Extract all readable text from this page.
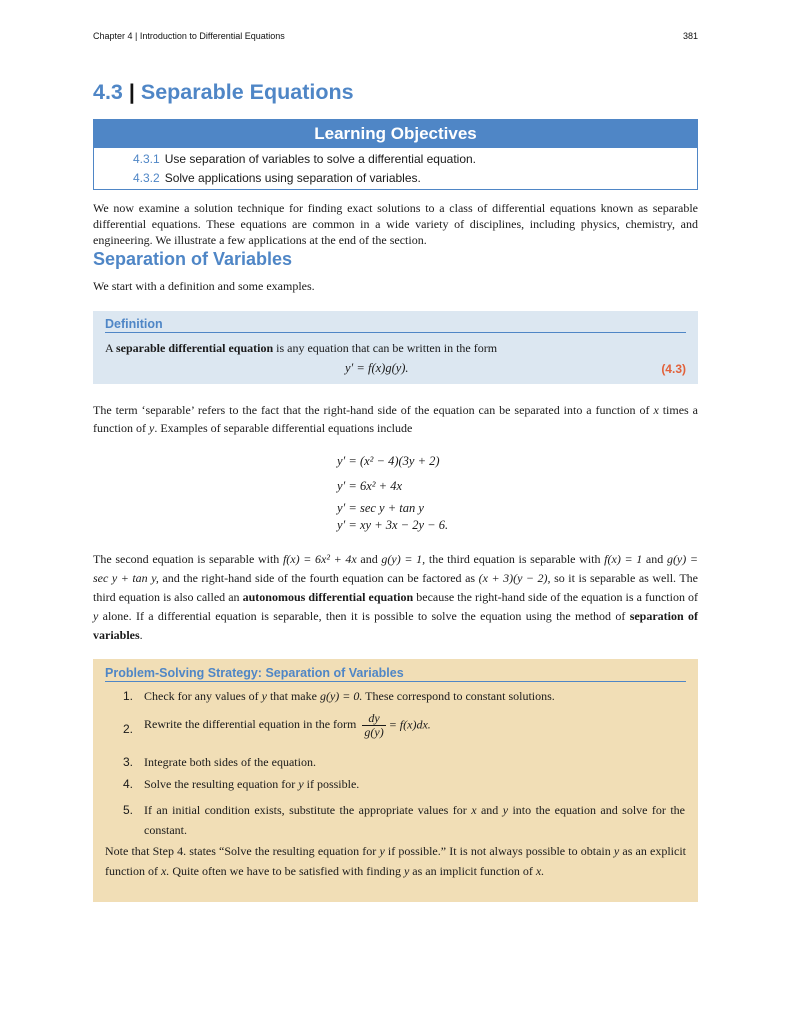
Chapter 4 | Introduction to Differential Equations	381
4.3 | Separable Equations
Learning Objectives
4.3.1 Use separation of variables to solve a differential equation.
4.3.2 Solve applications using separation of variables.

We now examine a solution technique for finding exact solutions to a class of differential equations known as separable differential equations. These equations are common in a wide variety of disciplines, including physics, chemistry, and engineering. We illustrate a few applications at the end of the section.

Separation of Variables

We start with a definition and some examples.

Definition
A separable differential equation is any equation that can be written in the form
y′ = f(x)g(y).	(4.3)

The term ‘separable’ refers to the fact that the right-hand side of the equation can be separated into a function of x times a function of y. Examples of separable differential equations include

y′ = (x² − 4)(3y + 2)
y′ = 6x² + 4x
y′ = sec y + tan y
y′ = xy + 3x − 2y − 6.

The second equation is separable with f(x) = 6x² + 4x and g(y) = 1, the third equation is separable with f(x) = 1 and g(y) = sec y + tan y, and the right-hand side of the fourth equation can be factored as (x + 3)(y − 2), so it is separable as well. The third equation is also called an autonomous differential equation because the right-hand side of the equation is a function of y alone. If a differential equation is separable, then it is possible to solve the equation using the method of separation of variables.

Problem-Solving Strategy: Separation of Variables
1. Check for any values of y that make g(y) = 0. These correspond to constant solutions.
2. Rewrite the differential equation in the form $\frac{dy}{g(y)} = f(x)dx$.
3. Integrate both sides of the equation.
4. Solve the resulting equation for y if possible.
5. If an initial condition exists, substitute the appropriate values for x and y into the equation and solve for the constant.

Note that Step 4. states “Solve the resulting equation for y if possible.” It is not always possible to obtain y as an explicit function of x. Quite often we have to be satisfied with finding y as an implicit function of x.
